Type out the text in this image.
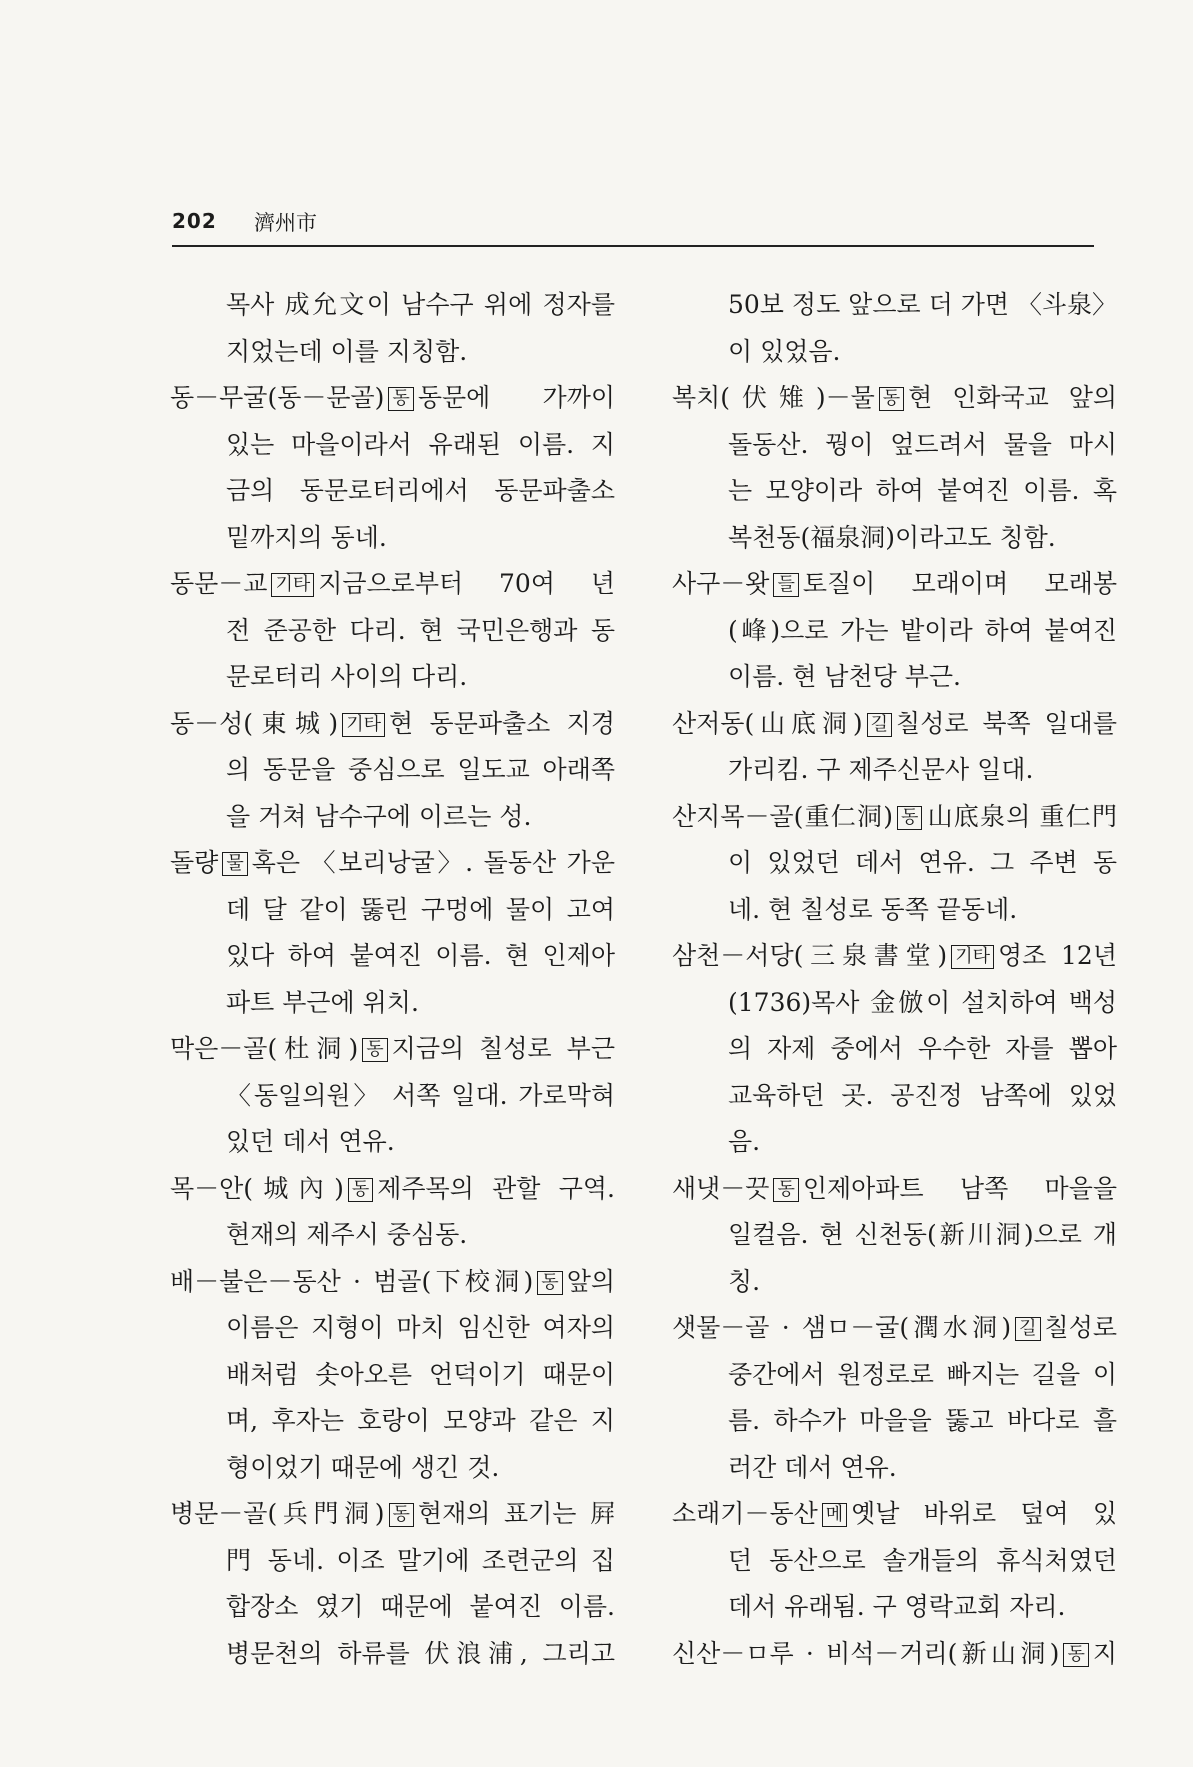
202 濟州市
목사 成允文이 남수구 위에 정자를
지었는데 이를 지칭함.
동－무굴(동－문골) 동 동문에 가까이
있는 마을이라서 유래된 이름. 지
금의 동문로터리에서 동문파출소
밑까지의 동네.
동문－교 기타 지금으로부터 70여 년
전 준공한 다리. 현 국민은행과 동
문로터리 사이의 다리.
동－성(東城) 기타 현 동문파출소 지경
의 동문을 중심으로 일도교 아래쪽
을 거쳐 남수구에 이르는 성.
돌량 물 혹은 〈보리낭굴〉. 돌동산 가운
데 달 같이 뚫린 구멍에 물이 고여
있다 하여 붙여진 이름. 현 인제아
파트 부근에 위치.
막은－골(杜洞) 동 지금의 칠성로 부근
〈동일의원〉 서쪽 일대. 가로막혀
있던 데서 연유.
목－안(城內) 동 제주목의 관할 구역.
현재의 제주시 중심동.
배－불은－동산 · 범골(下校洞) 동 앞의
이름은 지형이 마치 임신한 여자의
배처럼 솟아오른 언덕이기 때문이
며, 후자는 호랑이 모양과 같은 지
형이었기 때문에 생긴 것.
병문－골(兵門洞) 동 현재의 표기는 屛
門 동네. 이조 말기에 조련군의 집
합장소 였기 때문에 붙여진 이름.
병문천의 하류를 伏浪浦, 그리고
50보 정도 앞으로 더 가면 〈斗泉〉
이 있었음.
복치(伏雉)－물 동 현 인화국교 앞의
돌동산. 꿩이 엎드려서 물을 마시
는 모양이라 하여 붙여진 이름. 혹
복천동(福泉洞)이라고도 칭함.
사구－왓 들 토질이 모래이며 모래봉
(峰)으로 가는 밭이라 하여 붙여진
이름. 현 남천당 부근.
산저동(山底洞) 길 칠성로 북쪽 일대를
가리킴. 구 제주신문사 일대.
산지목－골(重仁洞) 동 山底泉의 重仁門
이 있었던 데서 연유. 그 주변 동
네. 현 칠성로 동쪽 끝동네.
삼천－서당(三泉書堂) 기타 영조 12년
(1736)목사 金倣이 설치하여 백성
의 자제 중에서 우수한 자를 뽑아
교육하던 곳. 공진정 남쪽에 있었
음.
새냇－끗 동 인제아파트 남쪽 마을을
일컬음. 현 신천동(新川洞)으로 개
칭.
샛물－골 · 샘ㅁ－굴(潤水洞) 길 칠성로
중간에서 원정로로 빠지는 길을 이
름. 하수가 마을을 뚫고 바다로 흘
러간 데서 연유.
소래기－동산 메 옛날 바위로 덮여 있
던 동산으로 솔개들의 휴식처였던
데서 유래됨. 구 영락교회 자리.
신산－ㅁ루 · 비석－거리(新山洞) 동 지
